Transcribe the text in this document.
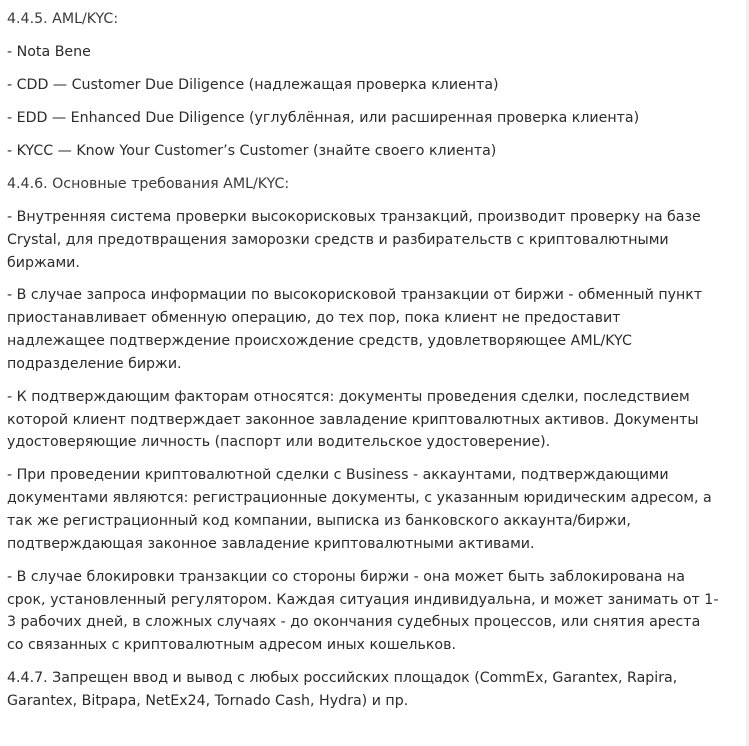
4.4.5. AML/KYC:

- Nota Bene

- CDD — Customer Due Diligence (надлежащая проверка клиента)

- EDD — Enhanced Due Diligence (углублённая, или расширенная проверка клиента)

- KYCC — Know Your Customer’s Customer (знайте своего клиента)

4.4.6. Основные требования AML/KYC:

- Внутренняя система проверки высокорисковых транзакций, производит проверку на базе Crystal, для предотвращения заморозки средств и разбирательств с криптовалютными биржами.

- В случае запроса информации по высокорисковой транзакции от биржи - обменный пункт приостанавливает обменную операцию, до тех пор, пока клиент не предоставит надлежащее подтверждение происхождение средств, удовлетворяющее AML/KYC подразделение биржи.

- К подтверждающим факторам относятся: документы проведения сделки, последствием которой клиент подтверждает законное завладение криптовалютных активов. Документы удостоверяющие личность (паспорт или водительское удостоверение).

- При проведении криптовалютной сделки с Business - аккаунтами, подтверждающими документами являются: регистрационные документы, с указанным юридическим адресом, а так же регистрационный код компании, выписка из банковского аккаунта/биржи, подтверждающая законное завладение криптовалютными активами.

- В случае блокировки транзакции со стороны биржи - она может быть заблокирована на срок, установленный регулятором. Каждая ситуация индивидуальна, и может занимать от 1-3 рабочих дней, в сложных случаях - до окончания судебных процессов, или снятия ареста со связанных с криптовалютным адресом иных кошельков.

4.4.7. Запрещен ввод и вывод с любых российских площадок (CommEx, Garantex, Rapira, Garantex, Bitpapa, NetEx24, Tornado Cash, Hydra) и пр.
